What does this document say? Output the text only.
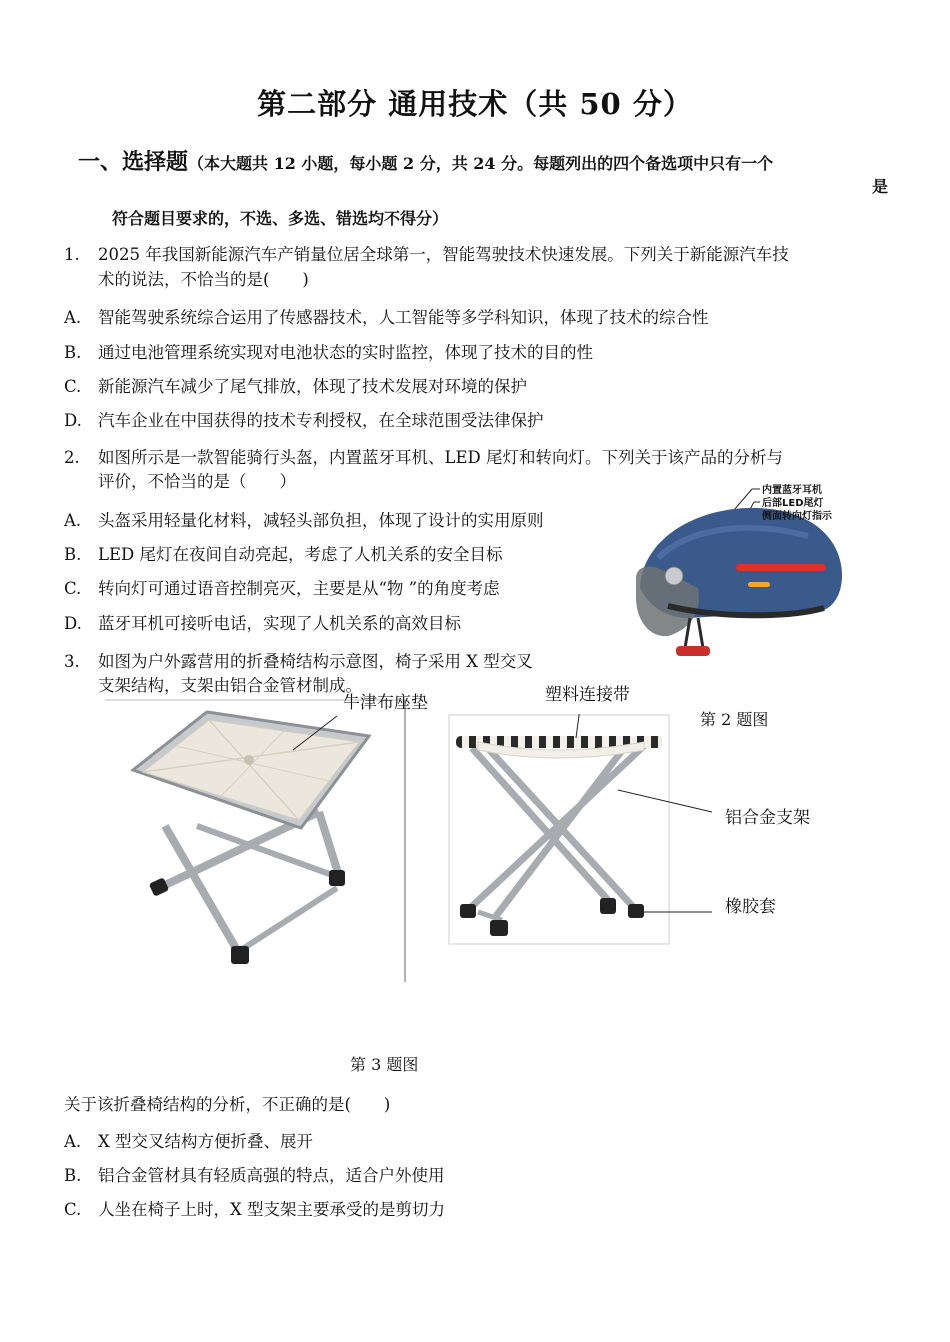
第二部分 通用技术（共 50 分）
一、选择题（本大题共 12 小题，每小题 2 分，共 24 分。每题列出的四个备选项中只有一个
是
符合题目要求的，不选、多选、错选均不得分）
1. 2025 年我国新能源汽车产销量位居全球第一，智能驾驶技术快速发展。下列关于新能源汽车技
术的说法，不恰当的是(　　)
A. 智能驾驶系统综合运用了传感器技术，人工智能等多学科知识，体现了技术的综合性
B. 通过电池管理系统实现对电池状态的实时监控，体现了技术的目的性
C. 新能源汽车减少了尾气排放，体现了技术发展对环境的保护
D. 汽车企业在中国获得的技术专利授权，在全球范围受法律保护
2. 如图所示是一款智能骑行头盔，内置蓝牙耳机、LED 尾灯和转向灯。下列关于该产品的分析与
评价，不恰当的是（　　）
A. 头盔采用轻量化材料，减轻头部负担，体现了设计的实用原则
B. LED 尾灯在夜间自动亮起，考虑了人机关系的安全目标
C. 转向灯可通过语音控制亮灭，主要是从“物 ”的角度考虑
D. 蓝牙耳机可接听电话，实现了人机关系的高效目标
内置蓝牙耳机
后部LED尾灯
侧面转向灯指示
3. 如图为户外露营用的折叠椅结构示意图，椅子采用 X 型交叉
支架结构，支架由铝合金管材制成。
第 2 题图
牛津布座垫	塑料连接带
铝合金支架
橡胶套
第 3 题图
关于该折叠椅结构的分析，不正确的是(　　)
A. X 型交叉结构方便折叠、展开
B. 铝合金管材具有轻质高强的特点，适合户外使用
C. 人坐在椅子上时，X 型支架主要承受的是剪切力
